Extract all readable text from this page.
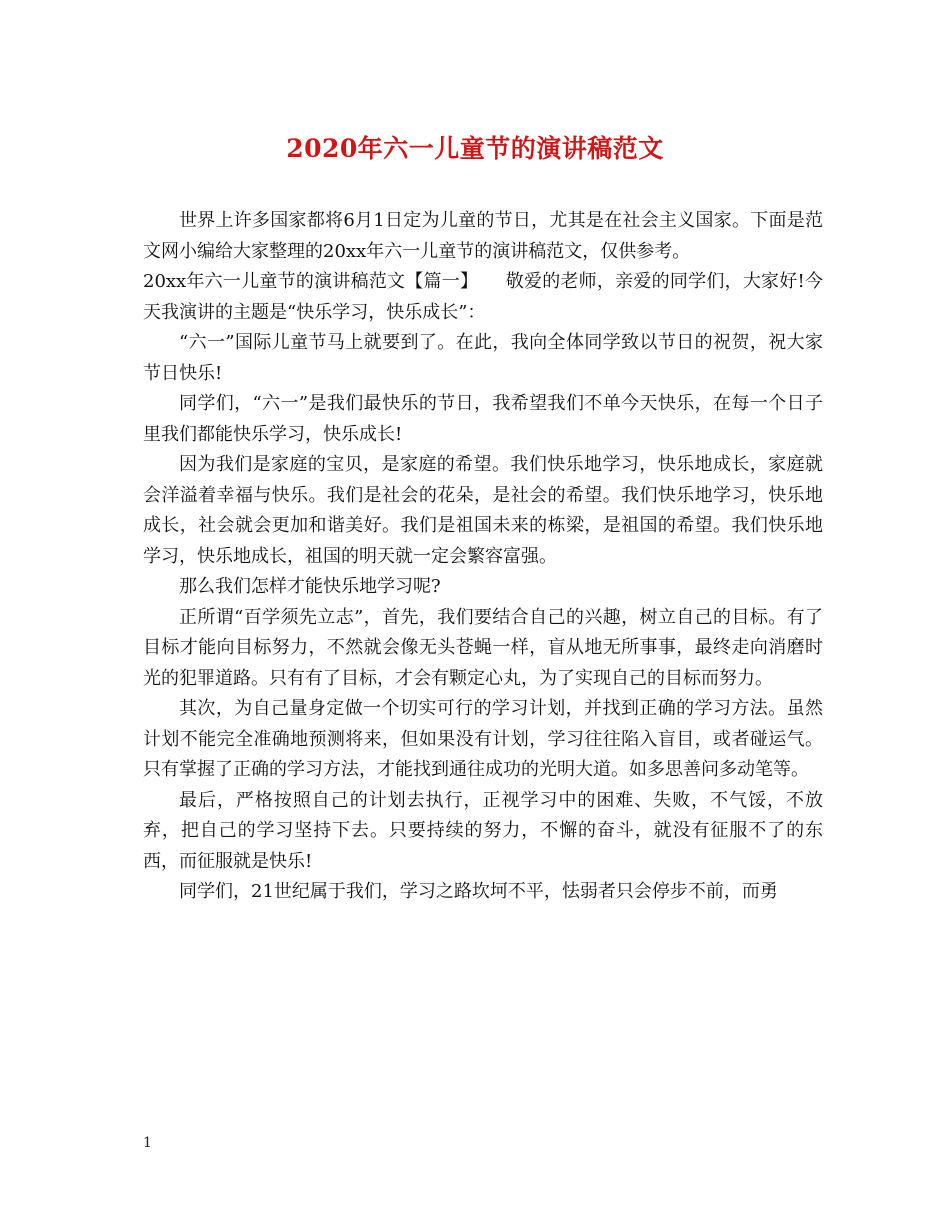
2020年六一儿童节的演讲稿范文

世界上许多国家都将6月1日定为儿童的节日，尤其是在社会主义国家。下面是范文网小编给大家整理的20xx年六一儿童节的演讲稿范文，仅供参考。

20xx年六一儿童节的演讲稿范文【篇一】　　敬爱的老师，亲爱的同学们，大家好!今天我演讲的主题是“快乐学习，快乐成长”：

“六一”国际儿童节马上就要到了。在此，我向全体同学致以节日的祝贺，祝大家节日快乐!

同学们，“六一”是我们最快乐的节日，我希望我们不单今天快乐，在每一个日子里我们都能快乐学习，快乐成长!

因为我们是家庭的宝贝，是家庭的希望。我们快乐地学习，快乐地成长，家庭就会洋溢着幸福与快乐。我们是社会的花朵，是社会的希望。我们快乐地学习，快乐地成长，社会就会更加和谐美好。我们是祖国未来的栋梁，是祖国的希望。我们快乐地学习，快乐地成长，祖国的明天就一定会繁容富强。

那么我们怎样才能快乐地学习呢?

正所谓“百学须先立志”，首先，我们要结合自己的兴趣，树立自己的目标。有了目标才能向目标努力，不然就会像无头苍蝇一样，盲从地无所事事，最终走向消磨时光的犯罪道路。只有有了目标，才会有颗定心丸，为了实现自己的目标而努力。

其次，为自己量身定做一个切实可行的学习计划，并找到正确的学习方法。虽然计划不能完全准确地预测将来，但如果没有计划，学习往往陷入盲目，或者碰运气。只有掌握了正确的学习方法，才能找到通往成功的光明大道。如多思善问多动笔等。

最后，严格按照自己的计划去执行，正视学习中的困难、失败，不气馁，不放弃，把自己的学习坚持下去。只要持续的努力，不懈的奋斗，就没有征服不了的东西，而征服就是快乐!

同学们，21世纪属于我们，学习之路坎坷不平，怯弱者只会停步不前，而勇

1
